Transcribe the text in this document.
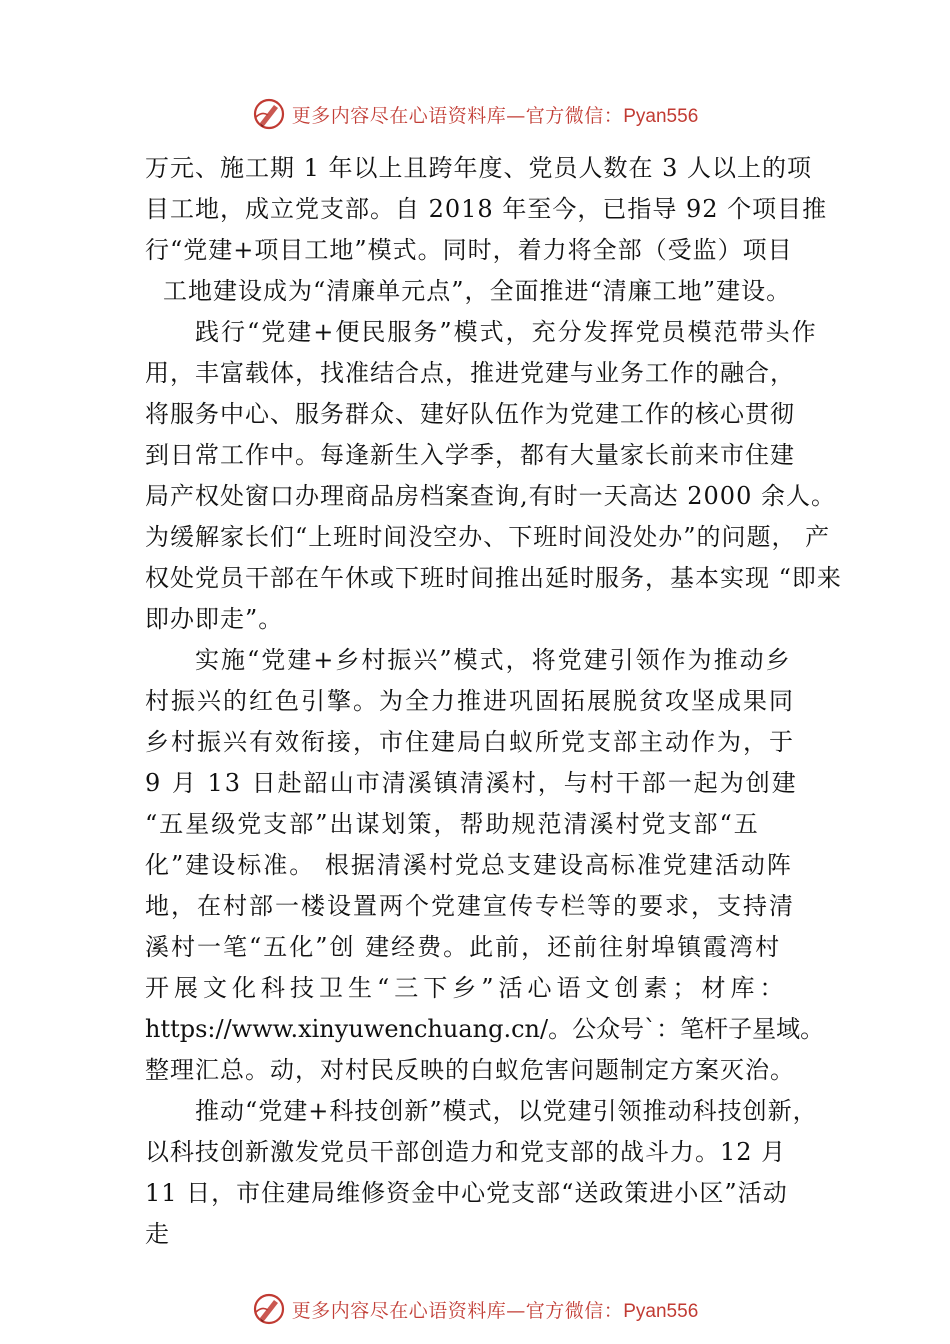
更多内容尽在心语资料库—官方微信：Pyan556
万元、施工期 1 年以上且跨年度、党员人数在 3 人以上的项
目工地，成立党支部。自 2018 年至今，已指导 92 个项目推
行“党建+项目工地”模式。同时，着力将全部（受监）项目
工地建设成为“清廉单元点”，全面推进“清廉工地”建设。
践行“党建+便民服务”模式，充分发挥党员模范带头作
用，丰富载体，找准结合点，推进党建与业务工作的融合，
将服务中心、服务群众、建好队伍作为党建工作的核心贯彻
到日常工作中。每逢新生入学季，都有大量家长前来市住建
局产权处窗口办理商品房档案查询,有时一天高达 2000 余人。
为缓解家长们“上班时间没空办、下班时间没处办”的问题， 产
权处党员干部在午休或下班时间推出延时服务，基本实现 “即来
即办即走”。
实施“党建+乡村振兴”模式，将党建引领作为推动乡
村振兴的红色引擎。为全力推进巩固拓展脱贫攻坚成果同
乡村振兴有效衔接，市住建局白蚁所党支部主动作为，于
9 月 13 日赴韶山市清溪镇清溪村，与村干部一起为创建
“五星级党支部”出谋划策，帮助规范清溪村党支部“五
化”建设标准。 根据清溪村党总支建设高标准党建活动阵
地，在村部一楼设置两个党建宣传专栏等的要求，支持清
溪村一笔“五化”创 建经费。此前，还前往射埠镇霞湾村
开展文化科技卫生“三下乡”活心语文创素；材库：
https://www.xinyuwenchuang.cn/。公众号`：笔杆子星域。
整理汇总。动，对村民反映的白蚁危害问题制定方案灭治。
推动“党建+科技创新”模式，以党建引领推动科技创新，
以科技创新激发党员干部创造力和党支部的战斗力。12 月
11 日，市住建局维修资金中心党支部“送政策进小区”活动
走
更多内容尽在心语资料库—官方微信：Pyan556
